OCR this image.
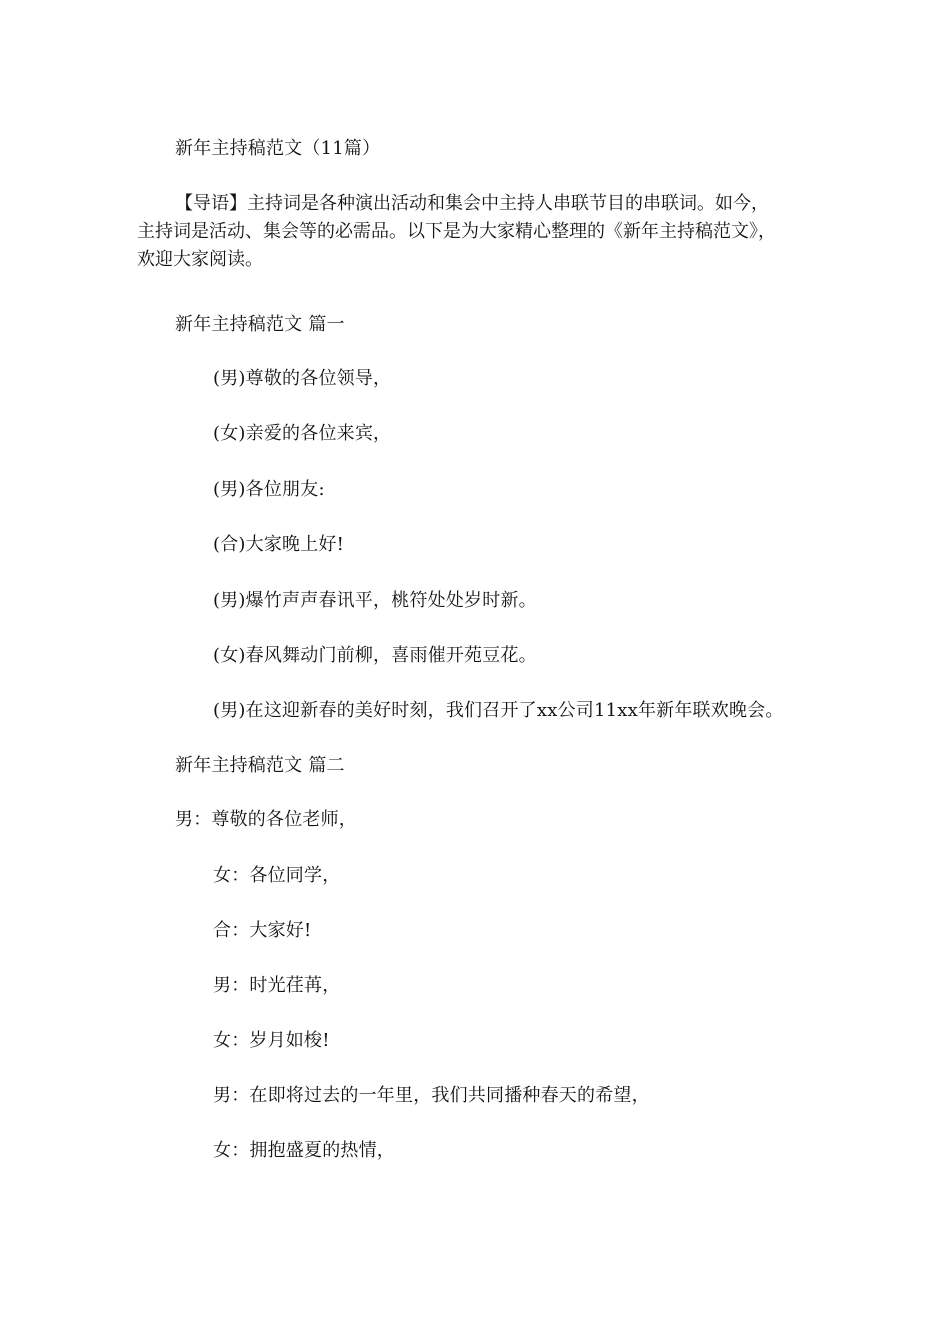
新年主持稿范文（11篇）
【导语】主持词是各种演出活动和集会中主持人串联节目的串联词。如今，
主持词是活动、集会等的必需品。以下是为大家精心整理的《新年主持稿范文》，
欢迎大家阅读。
新年主持稿范文 篇一
(男)尊敬的各位领导，
(女)亲爱的各位来宾，
(男)各位朋友:
(合)大家晚上好!
(男)爆竹声声春讯平，桃符处处岁时新。
(女)春风舞动门前柳，喜雨催开苑豆花。
(男)在这迎新春的美好时刻，我们召开了xx公司11xx年新年联欢晚会。
新年主持稿范文 篇二
男：尊敬的各位老师，
女：各位同学，
合：大家好!
男：时光荏苒，
女：岁月如梭!
男：在即将过去的一年里，我们共同播种春天的希望，
女：拥抱盛夏的热情，
